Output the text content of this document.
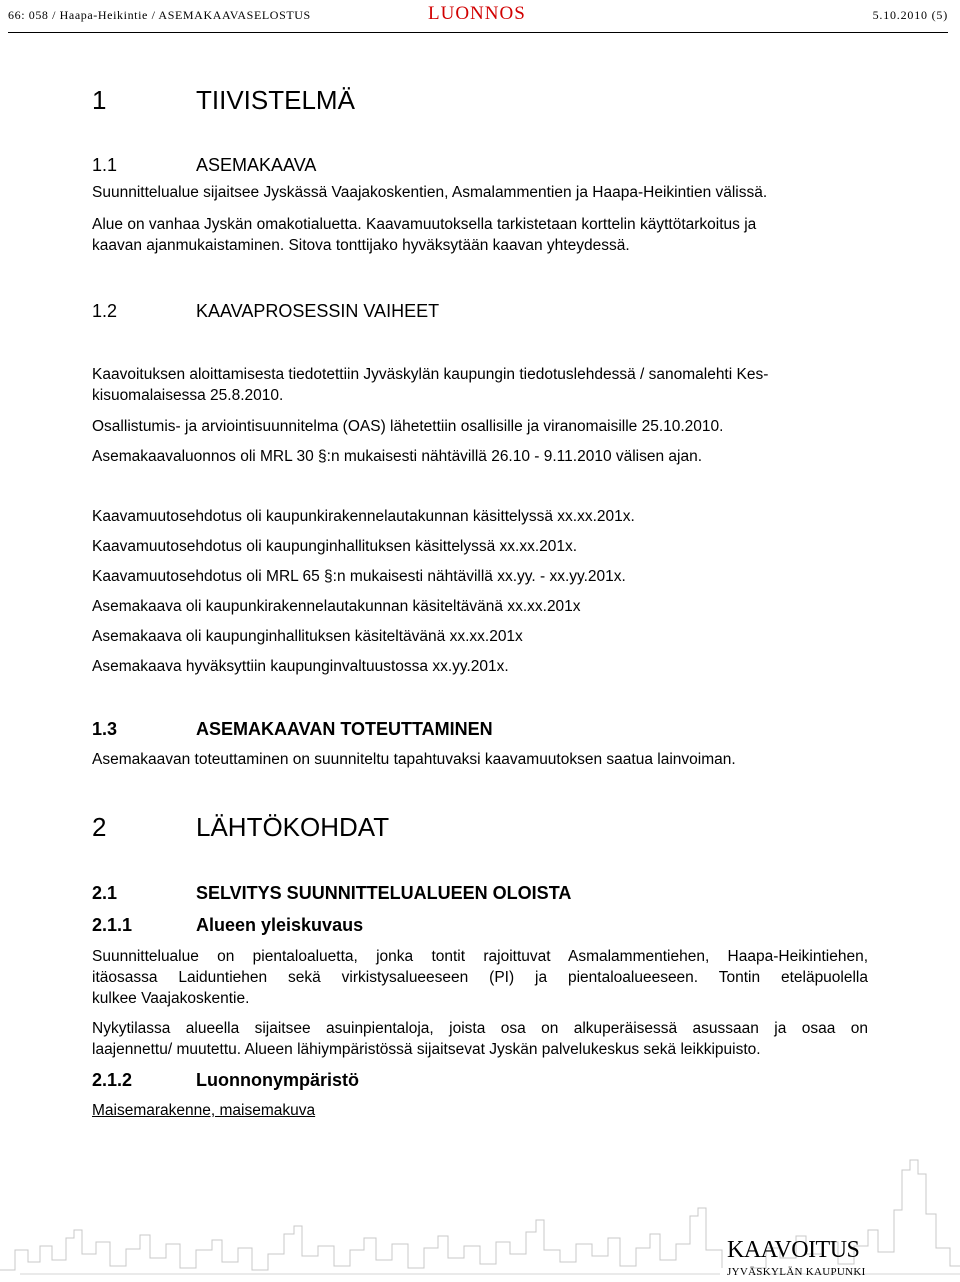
66: 058 / Haapa-Heikintie / ASEMAKAAVASELOSTUS	LUONNOS	5.10.2010 (5)
1	TIIVISTELMÄ
1.1	ASEMAKAAVA
Suunnittelualue sijaitsee Jyskässä Vaajakoskentien, Asmalammentien ja Haapa-Heikintien välissä.
Alue on vanhaa Jyskän omakotialuetta. Kaavamuutoksella tarkistetaan korttelin käyttötarkoitus ja
kaavan ajanmukaistaminen. Sitova tonttijako hyväksytään kaavan yhteydessä.
1.2	KAAVAPROSESSIN VAIHEET
Kaavoituksen aloittamisesta tiedotettiin Jyväskylän kaupungin tiedotuslehdessä / sanomalehti Kes-
kisuomalaisessa 25.8.2010.
Osallistumis- ja arviointisuunnitelma (OAS) lähetettiin osallisille ja viranomaisille 25.10.2010.
Asemakaavaluonnos oli MRL 30 §:n mukaisesti nähtävillä 26.10 - 9.11.2010 välisen ajan.
Kaavamuutosehdotus oli kaupunkirakennelautakunnan käsittelyssä xx.xx.201x.
Kaavamuutosehdotus oli kaupunginhallituksen käsittelyssä xx.xx.201x.
Kaavamuutosehdotus oli MRL 65 §:n mukaisesti nähtävillä xx.yy. - xx.yy.201x.
Asemakaava oli kaupunkirakennelautakunnan käsiteltävänä xx.xx.201x
Asemakaava oli kaupunginhallituksen käsiteltävänä xx.xx.201x
Asemakaava hyväksyttiin kaupunginvaltuustossa xx.yy.201x.
1.3	ASEMAKAAVAN TOTEUTTAMINEN
Asemakaavan toteuttaminen on suunniteltu tapahtuvaksi kaavamuutoksen saatua lainvoiman.
2	LÄHTÖKOHDAT
2.1	SELVITYS SUUNNITTELUALUEEN OLOISTA
2.1.1	Alueen yleiskuvaus
Suunnittelualue on pientaloaluetta, jonka tontit rajoittuvat Asmalammentiehen, Haapa-Heikintiehen,
itäosassa Laiduntiehen sekä virkistysalueeseen (PI) ja pientaloalueeseen. Tontin eteläpuolella
kulkee Vaajakoskentie.
Nykytilassa alueella sijaitsee asuinpientaloja, joista osa on alkuperäisessä asussaan ja osaa on
laajennettu/ muutettu. Alueen lähiympäristössä sijaitsevat Jyskän palvelukeskus sekä leikkipuisto.
2.1.2	Luonnonympäristö
Maisemarakenne, maisemakuva
KAAVOITUS
JYVÄSKYLÄN KAUPUNKI
